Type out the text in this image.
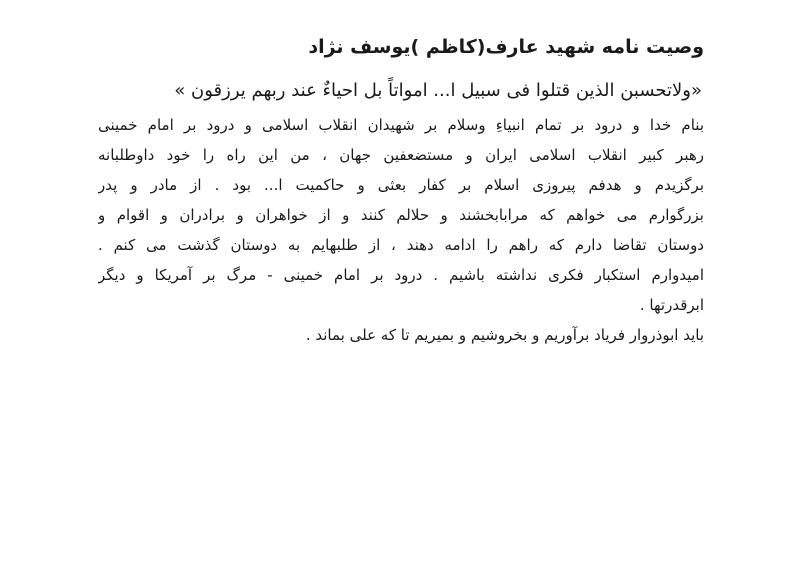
وصیت نامه شهید عارف(کاظم )یوسف نژاد
«ولاتحسبن الذین قتلوا فی سبیل ا... امواتاً بل احیاءٌ عند ربهم یرزقون »
بنام خدا و درود بر تمام انبیاءِ وسلام بر شهیدان انقلاب اسلامی و درود بر امام خمینی
رهبر کبیر انقلاب اسلامی ایران و مستضعفین جهان ، من این راه را خود داوطلبانه
برگزیدم و هدفم پیروزی اسلام بر کفار بعثی و حاکمیت ا... بود . از مادر و پدر
بزرگوارم می خواهم که مرابابخشند و حلالم کنند و از خواهران و برادران و اقوام و
دوستان تقاضا دارم که راهم را ادامه دهند ، از طلبهایم به دوستان گذشت می کنم .
امیدوارم استکبار فکری نداشته باشیم . درود بر امام خمینی - مرگ بر آمریکا و دیگر
ابرقدرتها .
باید ابوذروار فریاد برآوریم و بخروشیم و بمیریم تا که علی بماند .
